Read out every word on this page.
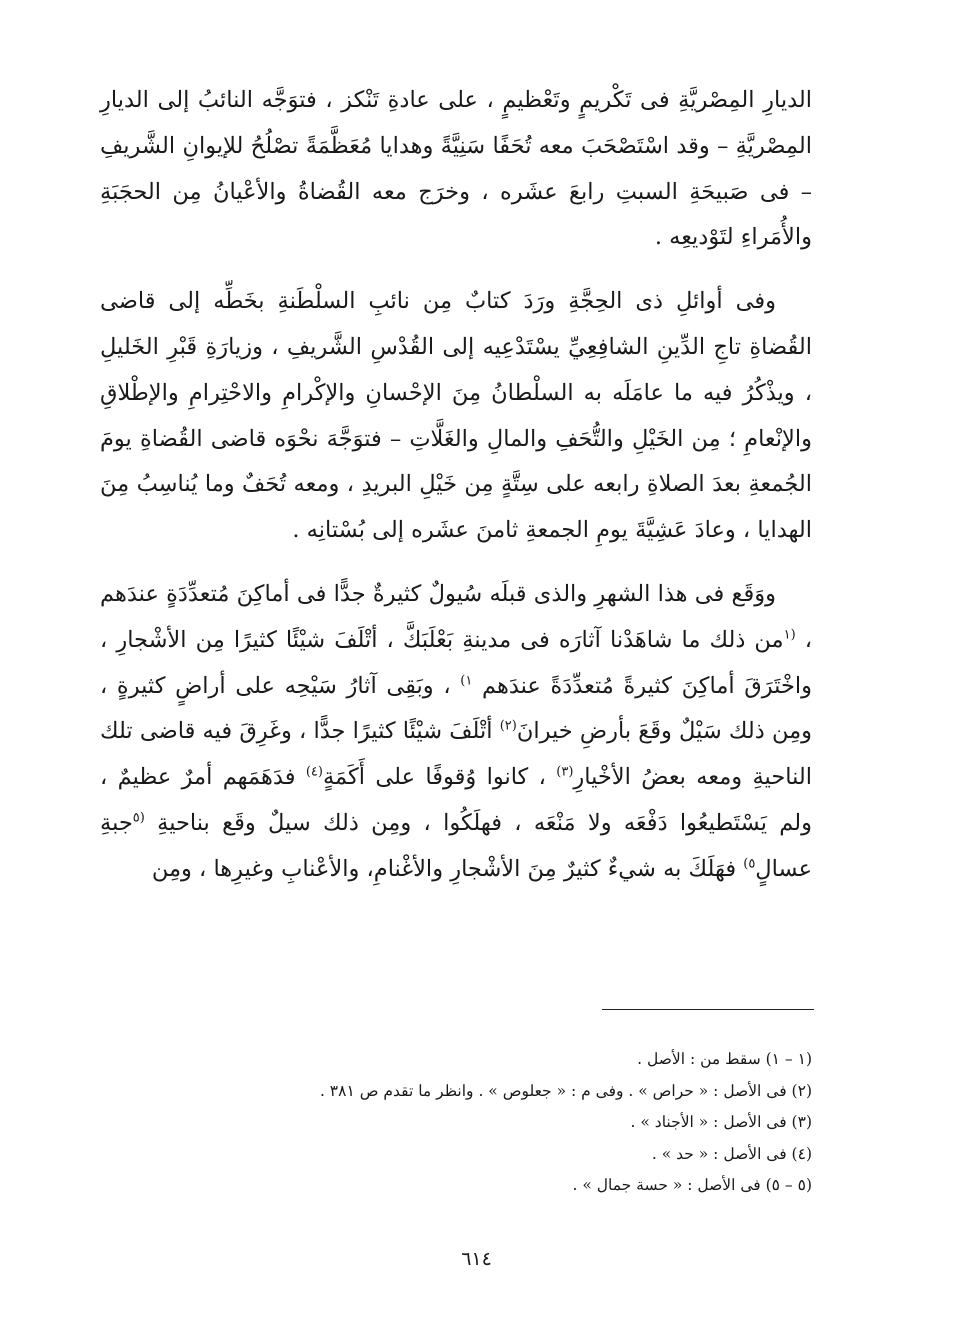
الديارِ المِصْريَّةِ فى تَكْريمٍ وتَعْظيمٍ ، على عادةِ تَنْكز ، فتوَجَّه النائبُ إلى الديارِ المِصْريَّةِ – وقد اسْتَصْحَبَ معه تُحَفًا سَنِيَّةً وهدايا مُعَظَّمَةً تصْلُحُ للإيوانِ الشَّريفِ – فى صَبيحَةِ السبتِ رابعَ عشَره ، وخرَج معه القُضاةُ والأعْيانُ مِن الحجَبَةِ والأُمَراءِ لتَوْديعِه .

وفى أوائلِ ذى الحِجَّةِ ورَدَ كتابٌ مِن نائبِ السلْطَنةِ بخَطِّه إلى قاضى القُضاةِ تاجِ الدِّينِ الشافِعِيِّ يسْتَدْعِيه إلى القُدْسِ الشَّريفِ ، وزيارَةِ قَبْرِ الخَليلِ ، ويذْكُرُ فيه ما عامَلَه به السلْطانُ مِنَ الإحْسانِ والإكْرامِ والاحْتِرامِ والإطْلاقِ والإنْعامِ ؛ مِن الخَيْلِ والتُّحَفِ والمالِ والغَلَّاتِ – فتوَجَّهَ نحْوَه قاضى القُضاةِ يومَ الجُمعةِ بعدَ الصلاةِ رابعه على سِتَّةٍ مِن خَيْلِ البريدِ ، ومعه تُحَفٌ وما يُناسِبُ مِنَ الهدايا ، وعادَ عَشِيَّةَ يومِ الجمعةِ ثامنَ عشَره إلى بُسْتانِه .

ووَقَع فى هذا الشهرِ والذى قبلَه سُيولٌ كثيرةٌ جدًّا فى أماكِنَ مُتعدِّدَةٍ عندَهم ، $^{(١}$من ذلك ما شاهَدْنا آثارَه فى مدينةِ بَعْلَبَكَّ ، أتْلَفَ شيْئًا كثيرًا مِن الأشْجارِ ، واخْتَرَقَ أماكِنَ كثيرةً مُتعدِّدَةً عندَهم $^{١)}$ ، وبَقِى آثارُ سَيْحِه على أراضٍ كثيرةٍ ، ومِن ذلك سَيْلٌ وقَعَ بأرضِ خيرانَ$^{(٢)}$ أتْلَفَ شيْئًا كثيرًا جدًّا ، وغَرِقَ فيه قاضى تلك الناحيةِ ومعه بعضُ الأخْيارِ$^{(٣)}$ ، كانوا وُقوفًا على أَكَمَةٍ$^{(٤)}$ فدَهَمَهم أمرٌ عظيمٌ ، ولم يَسْتَطيعُوا دَفْعَه ولا مَنْعَه ، فهلَكُوا ، ومِن ذلك سيلٌ وقَع بناحيةِ $^{(٥}$جبةِ عسالٍ$^{٥)}$ فهَلَكَ به شيءٌ كثيرٌ مِنَ الأشْجارِ والأغْنامِ، والأعْنابِ وغيرِها ، ومِن

(١ – ١) سقط من : الأصل .

(٢) فى الأصل : « حراص » . وفى م : « جعلوص » . وانظر ما تقدم ص ٣٨١ .

(٣) فى الأصل : « الأجناد » .

(٤) فى الأصل : « حد » .

(٥ – ٥) فى الأصل : « حسة جمال » .

٦١٤
